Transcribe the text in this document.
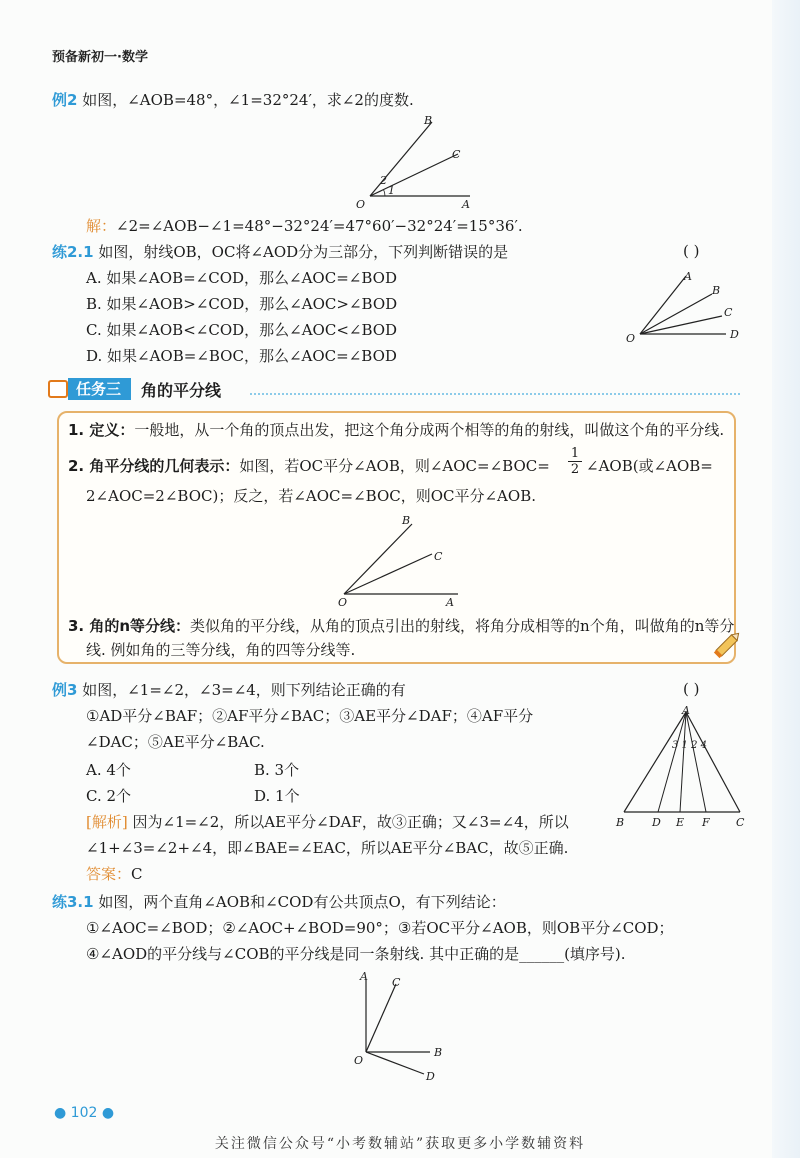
预备新初一·数学
例2 如图，∠AOB=48°，∠1=32°24′，求∠2的度数.
B
C
O	A
1
2
解：∠2=∠AOB−∠1=48°−32°24′=47°60′−32°24′=15°36′.
练2.1 如图，射线OB，OC将∠AOD分为三部分，下列判断错误的是	( )
A. 如果∠AOB=∠COD，那么∠AOC=∠BOD
B. 如果∠AOB>∠COD，那么∠AOC>∠BOD
C. 如果∠AOB<∠COD，那么∠AOC<∠BOD
D. 如果∠AOB=∠BOC，那么∠AOC=∠BOD
A
B
C
D
O
任务三	角的平分线
1. 定义：一般地，从一个角的顶点出发，把这个角分成两个相等的角的射线，叫做这个角的平分线.
2. 角平分线的几何表示：如图，若OC平分∠AOB，则∠AOC=∠BOC=
1
2 ∠AOB(或∠AOB=
2∠AOC=2∠BOC)；反之，若∠AOC=∠BOC，则OC平分∠AOB.
B
C
O	A
3. 角的n等分线：类似角的平分线，从角的顶点引出的射线，将角分成相等的n个角，叫做角的n等分
线. 例如角的三等分线，角的四等分线等.
例3 如图，∠1=∠2，∠3=∠4，则下列结论正确的有	( )
①AD平分∠BAF；②AF平分∠BAC；③AE平分∠DAF；④AF平分
∠DAC；⑤AE平分∠BAC.
A. 4个	B. 3个
C. 2个	D. 1个
A
3 1 2 4
B	D E F C
[解析] 因为∠1=∠2，所以AE平分∠DAF，故③正确；又∠3=∠4，所以
∠1+∠3=∠2+∠4，即∠BAE=∠EAC，所以AE平分∠BAC，故⑤正确.
答案：C
练3.1 如图，两个直角∠AOB和∠COD有公共顶点O，有下列结论：
①∠AOC=∠BOD；②∠AOC+∠BOD=90°；③若OC平分∠AOB，则OB平分∠COD；
④∠AOD的平分线与∠COB的平分线是同一条射线. 其中正确的是______(填序号).
A C
O
B
D
● 102 ●
关注微信公众号“小考数辅站”获取更多小学数辅资料
